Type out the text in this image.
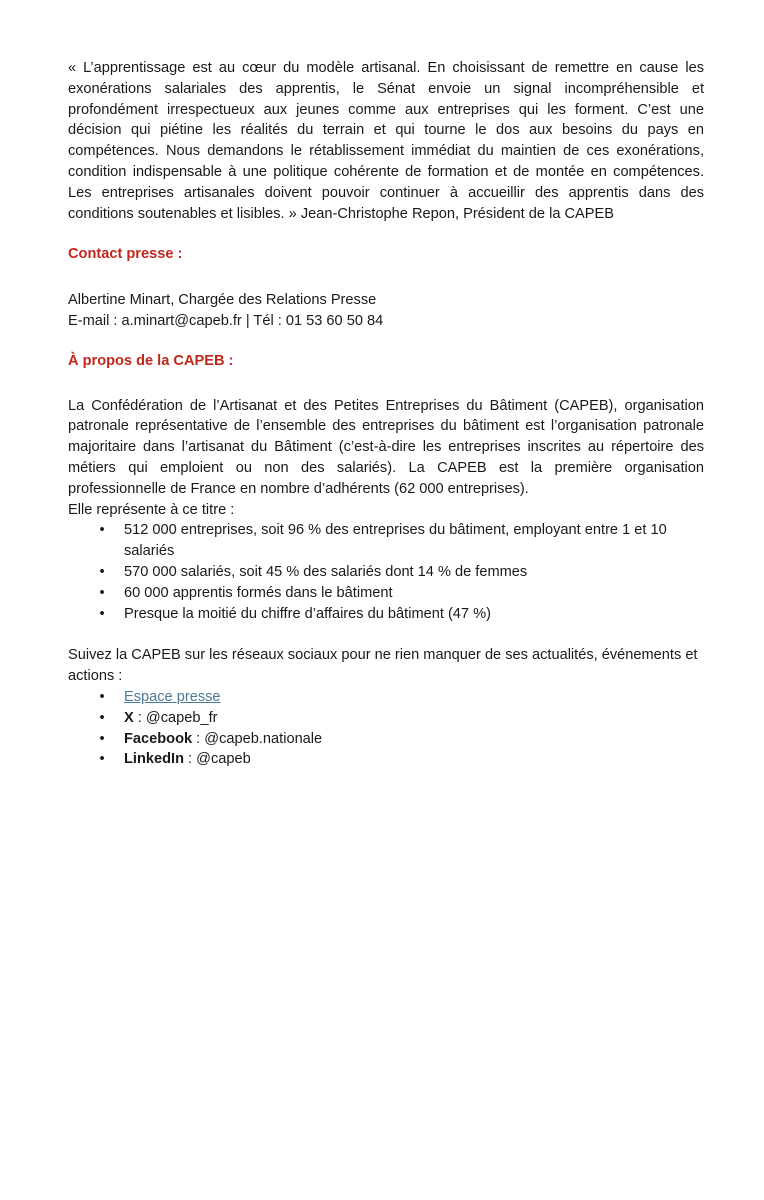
« L’apprentissage est au cœur du modèle artisanal. En choisissant de remettre en cause les exonérations salariales des apprentis, le Sénat envoie un signal incompréhensible et profondément irrespectueux aux jeunes comme aux entreprises qui les forment. C’est une décision qui piétine les réalités du terrain et qui tourne le dos aux besoins du pays en compétences. Nous demandons le rétablissement immédiat du maintien de ces exonérations, condition indispensable à une politique cohérente de formation et de montée en compétences. Les entreprises artisanales doivent pouvoir continuer à accueillir des apprentis dans des conditions soutenables et lisibles. » Jean-Christophe Repon, Président de la CAPEB

Contact presse :

Albertine Minart, Chargée des Relations Presse

E-mail : a.minart@capeb.fr | Tél : 01 53 60 50 84

À propos de la CAPEB :

La Confédération de l’Artisanat et des Petites Entreprises du Bâtiment (CAPEB), organisation patronale représentative de l’ensemble des entreprises du bâtiment est l’organisation patronale majoritaire dans l’artisanat du Bâtiment (c’est-à-dire les entreprises inscrites au répertoire des métiers qui emploient ou non des salariés). La CAPEB est la première organisation professionnelle de France en nombre d’adhérents (62 000 entreprises).

Elle représente à ce titre :

• 512 000 entreprises, soit 96 % des entreprises du bâtiment, employant entre 1 et 10 salariés
• 570 000 salariés, soit 45 % des salariés dont 14 % de femmes
• 60 000 apprentis formés dans le bâtiment
• Presque la moitié du chiffre d’affaires du bâtiment (47 %)

Suivez la CAPEB sur les réseaux sociaux pour ne rien manquer de ses actualités, événements et actions :

• Espace presse
• X : @capeb_fr
• Facebook : @capeb.nationale
• LinkedIn : @capeb
